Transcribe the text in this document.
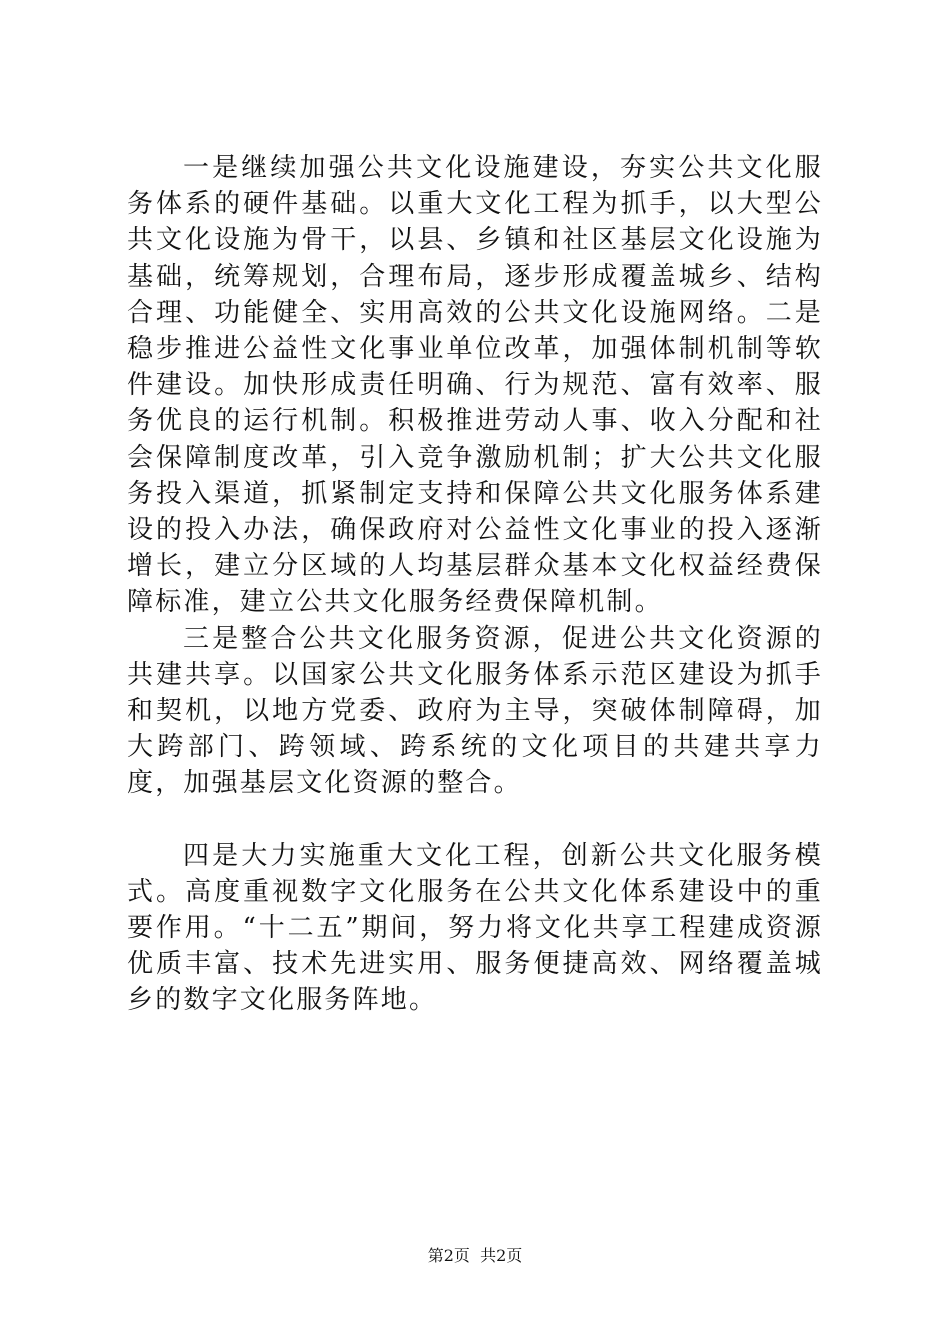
一是继续加强公共文化设施建设，夯实公共文化服务体系的硬件基础。以重大文化工程为抓手，以大型公共文化设施为骨干，以县、乡镇和社区基层文化设施为基础，统筹规划，合理布局，逐步形成覆盖城乡、结构合理、功能健全、实用高效的公共文化设施网络。二是稳步推进公益性文化事业单位改革，加强体制机制等软件建设。加快形成责任明确、行为规范、富有效率、服务优良的运行机制。积极推进劳动人事、收入分配和社会保障制度改革，引入竞争激励机制；扩大公共文化服务投入渠道，抓紧制定支持和保障公共文化服务体系建设的投入办法，确保政府对公益性文化事业的投入逐渐增长，建立分区域的人均基层群众基本文化权益经费保障标准，建立公共文化服务经费保障机制。

三是整合公共文化服务资源，促进公共文化资源的共建共享。以国家公共文化服务体系示范区建设为抓手和契机，以地方党委、政府为主导，突破体制障碍，加大跨部门、跨领域、跨系统的文化项目的共建共享力度，加强基层文化资源的整合。

四是大力实施重大文化工程，创新公共文化服务模式。高度重视数字文化服务在公共文化体系建设中的重要作用。“十二五”期间，努力将文化共享工程建成资源优质丰富、技术先进实用、服务便捷高效、网络覆盖城乡的数字文化服务阵地。

第2页  共2页
